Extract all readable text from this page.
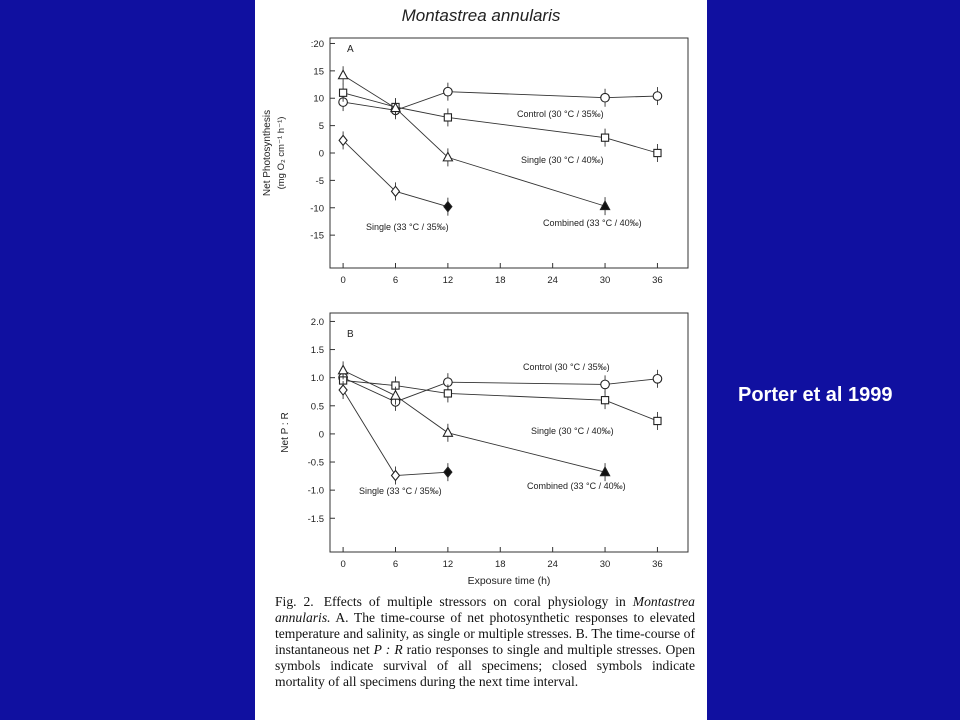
Montastrea annularis
A
:20
15
10
5
0
-5
-10
-15
0	6	12	18	24	30	36
Net Photosynthesis (mg O₂ cm⁻¹ h⁻¹)
Control (30 °C / 35‰)
Single (30 °C / 40‰)
Combined (33 °C / 40‰)
Single (33 °C / 35‰)
B
2.0
1.5
1.0
0.5
0
-0.5
-1.0
-1.5
0	6	12	18	24	30	36
Net P : R
Exposure time (h)
Control (30 °C / 35‰)
Single (30 °C / 40‰)
Combined (33 °C / 40‰)
Single (33 °C / 35‰)
Fig. 2. Effects of multiple stressors on coral physiology in Montastrea annularis. A. The time-course of net photosynthetic responses to elevated temperature and salinity, as single or multiple stresses. B. The time-course of instantaneous net P : R ratio responses to single and multiple stresses. Open symbols indicate survival of all specimens; closed symbols indicate mortality of all specimens during the next time interval.
Porter et al 1999
